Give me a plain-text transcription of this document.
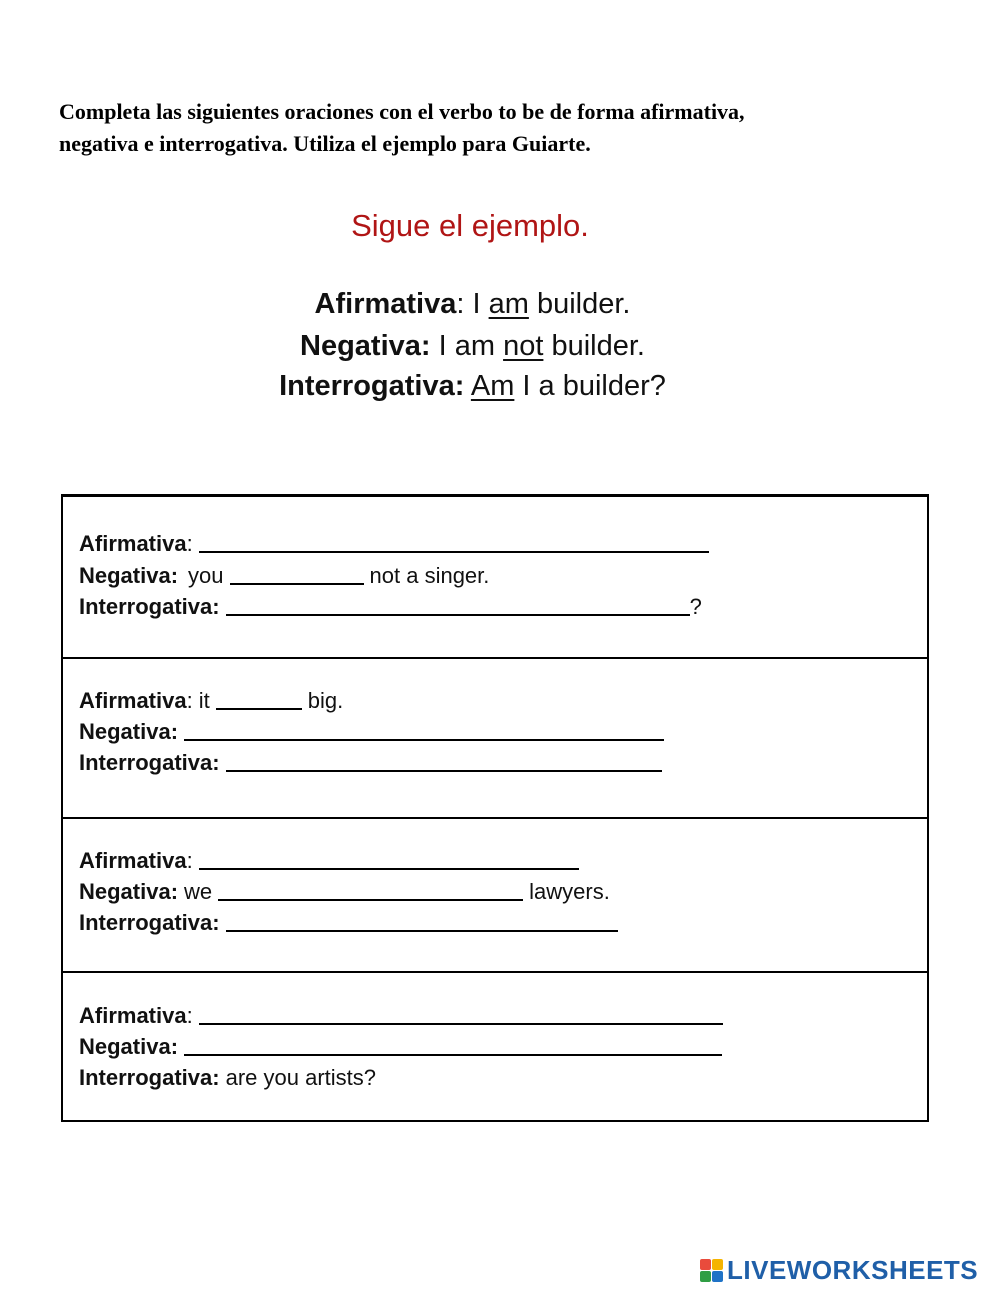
Completa las siguientes oraciones con el verbo to be de forma afirmativa,

negativa e interrogativa. Utiliza el ejemplo para Guiarte.

Sigue el ejemplo.
Afirmativa: I am builder.
Negativa: I am not builder.
Interrogativa: Am I a builder?
Afirmativa :
Negativa: you	not a singer.
Interrogativa:	?
Afirmativa : it	big.
Negativa:
Interrogativa:
Afirmativa :
Negativa: we	lawyers.
Interrogativa:
Afirmativa :
Negativa:
Interrogativa: are you artists?
LIVEWORKSHEETS
